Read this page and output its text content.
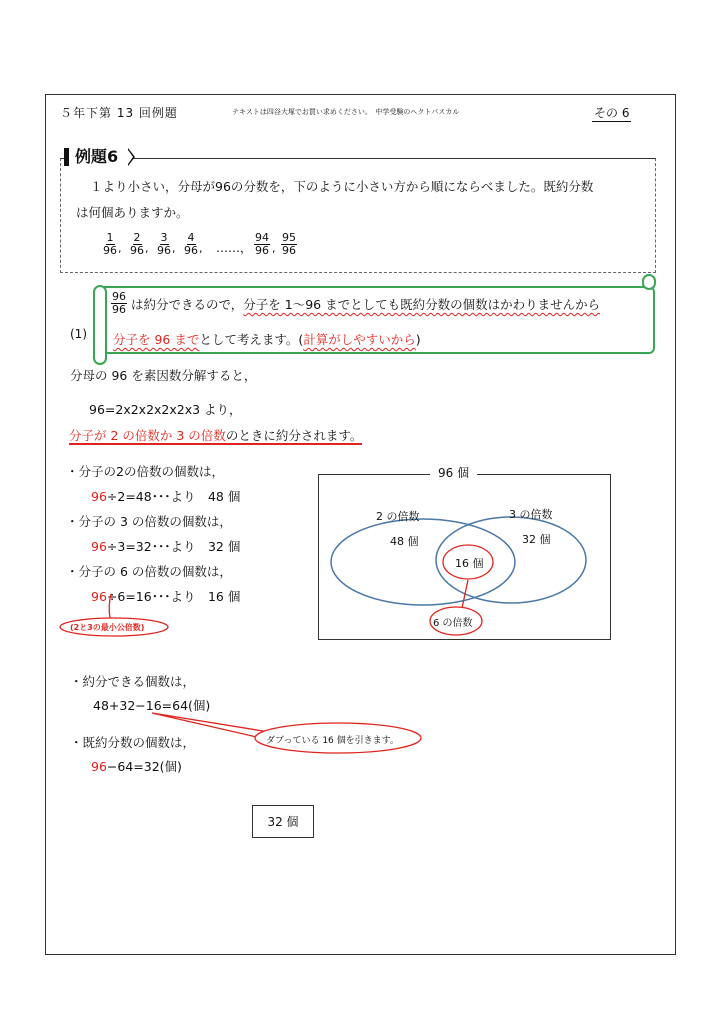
５年下第 13 回例題	テキストは四谷大塚でお買い求めください。　中学受験のヘクトパスカル	その 6
例題6
１より小さい，分母が96の分数を，下のように小さい方から順にならべました。既約分数
は何個ありますか。
$\frac{1}{96}$ , $\frac{2}{96}$ , $\frac{3}{96}$ , $\frac{4}{96}$ , ……， $\frac{94}{96}$ , $\frac{95}{96}$
(1)
$\frac{96}{96}$ は約分できるので，分子を 1～96 までとしても既約分数の個数はかわりませんから
分子を 96 までとして考えます。(計算がしやすいから)
分母の 96 を素因数分解すると，
96=2x2x2x2x2x3 より，
分子が 2 の倍数か 3 の倍数のときに約分されます。
・分子の2の倍数の個数は，
96÷2=48･･･より　48 個
・分子の 3 の倍数の個数は，
96÷3=32･･･より　32 個
・分子の 6 の倍数の個数は，
96÷6=16･･･より　16 個
(2と3の最小公倍数)
96 個
2 の倍数
48 個
3 の倍数
32 個
16 個
6 の倍数
・約分できる個数は，
48+32−16=64(個)
ダブっている 16 個を引きます。
・既約分数の個数は，
96−64=32(個)
32 個
